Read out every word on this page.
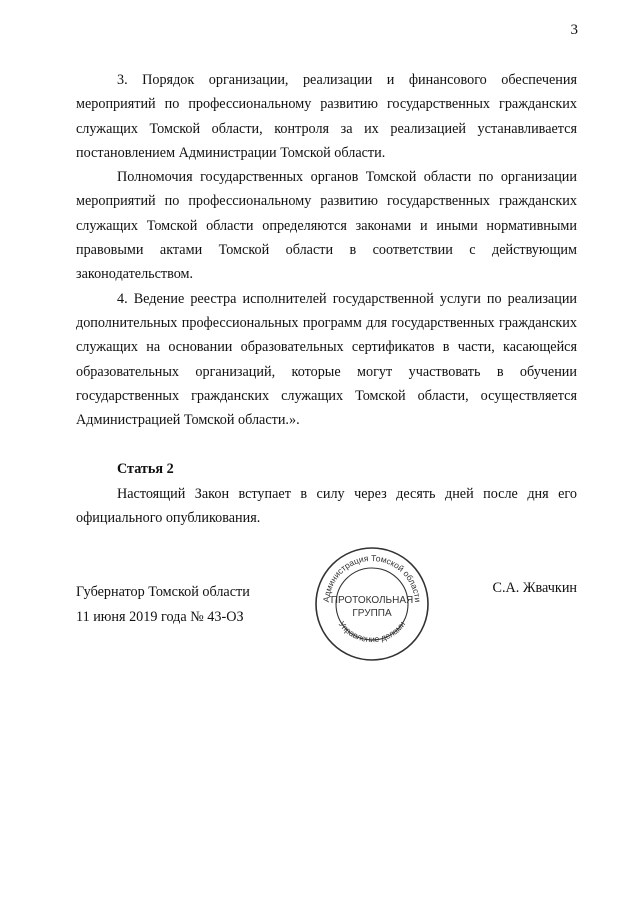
3

3. Порядок организации, реализации и финансового обеспечения мероприятий по профессиональному развитию государственных гражданских служащих Томской области, контроля за их реализацией устанавливается постановлением Администрации Томской области.

Полномочия государственных органов Томской области по организации мероприятий по профессиональному развитию государственных гражданских служащих Томской области определяются законами и иными нормативными правовыми актами Томской области в соответствии с действующим законодательством.

4. Ведение реестра исполнителей государственной услуги по реализации дополнительных профессиональных программ для государственных гражданских служащих на основании образовательных сертификатов в части, касающейся образовательных организаций, которые могут участвовать в обучении государственных гражданских служащих Томской области, осуществляется Администрацией Томской области.».

Статья 2

Настоящий Закон вступает в силу через десять дней после дня его официального опубликования.

Губернатор Томской области
11 июня 2019 года № 43-ОЗ
С.А. Жвачкин
Администрация Томской области
Управление делами
ПРОТОКОЛЬНАЯ
ГРУППА
